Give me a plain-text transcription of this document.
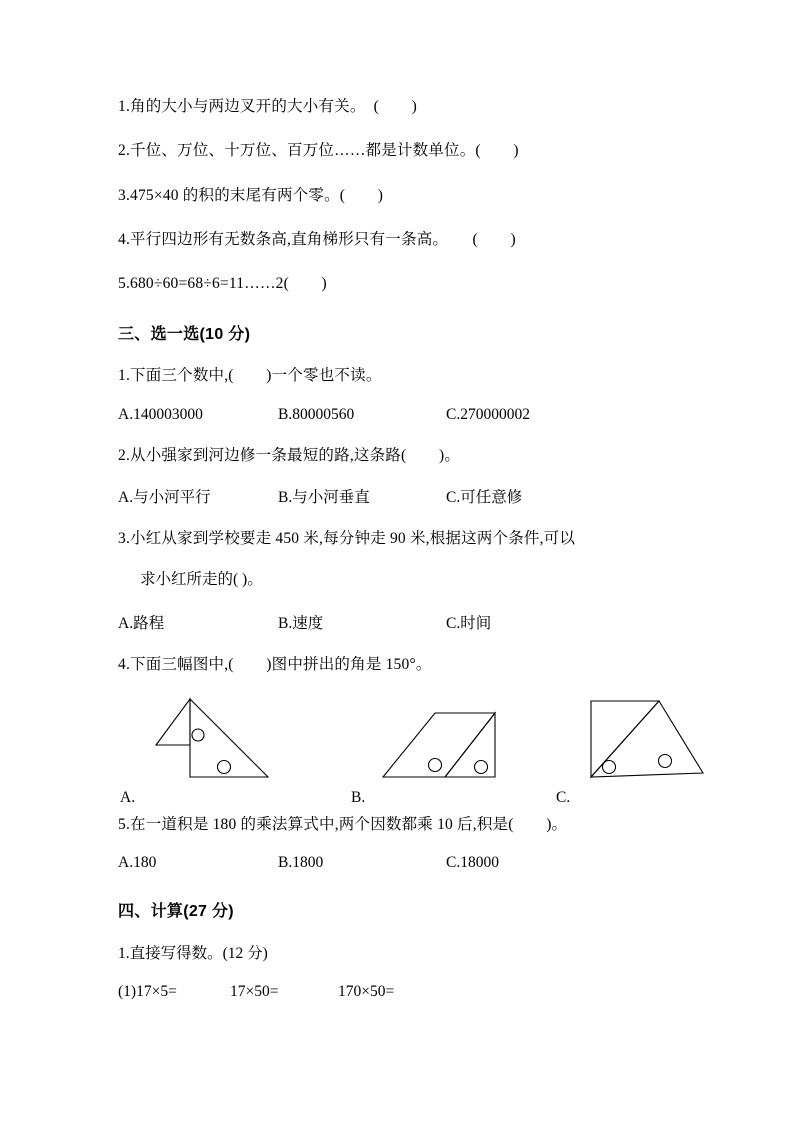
1.角的大小与两边叉开的大小有关。  (        )
2.千位、万位、十万位、百万位……都是计数单位。(        )
3.475×40 的积的末尾有两个零。(        )
4.平行四边形有无数条高,直角梯形只有一条高。      (        )
5.680÷60=68÷6=11……2(        )
三、选一选(10 分)
1.下面三个数中,(        )一个零也不读。
A.140003000	B.80000560	C.270000002
2.从小强家到河边修一条最短的路,这条路(        )。
A.与小河平行	B.与小河垂直	C.可任意修
3.小红从家到学校要走 450 米,每分钟走 90 米,根据这两个条件,可以
求小红所走的( )。
A.路程	B.速度	C.时间
4.下面三幅图中,(        )图中拼出的角是 150°。
A.	B.	C.
5.在一道积是 180 的乘法算式中,两个因数都乘 10 后,积是(        )。
A.180	B.1800	C.18000
四、计算(27 分)
1.直接写得数。(12 分)
(1)17×5=	17×50=	170×50=
